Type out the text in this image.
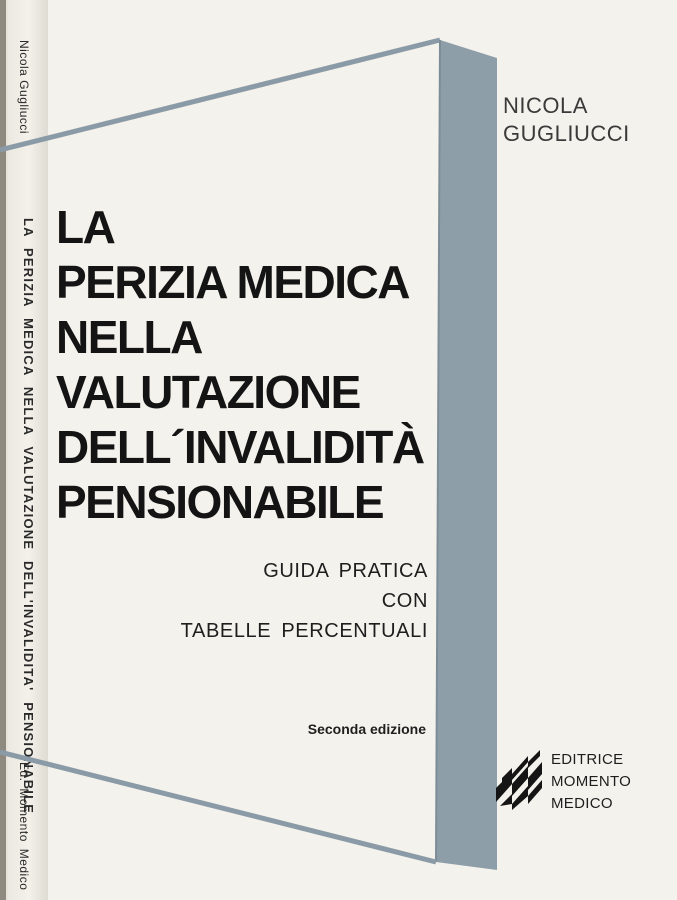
Nicola Gugliucci
LA PERIZIA MEDICA NELLA VALUTAZIONE DELL'INVALIDITA' PENSIONABILE
Ed. Momento Medico
NICOLA
GUGLIUCCI
LA
PERIZIA MEDICA
NELLA
VALUTAZIONE
DELL´INVALIDITÀ
PENSIONABILE
GUIDA PRATICA
CON
TABELLE PERCENTUALI
Seconda edizione
EDITRICE
MOMENTO
MEDICO
